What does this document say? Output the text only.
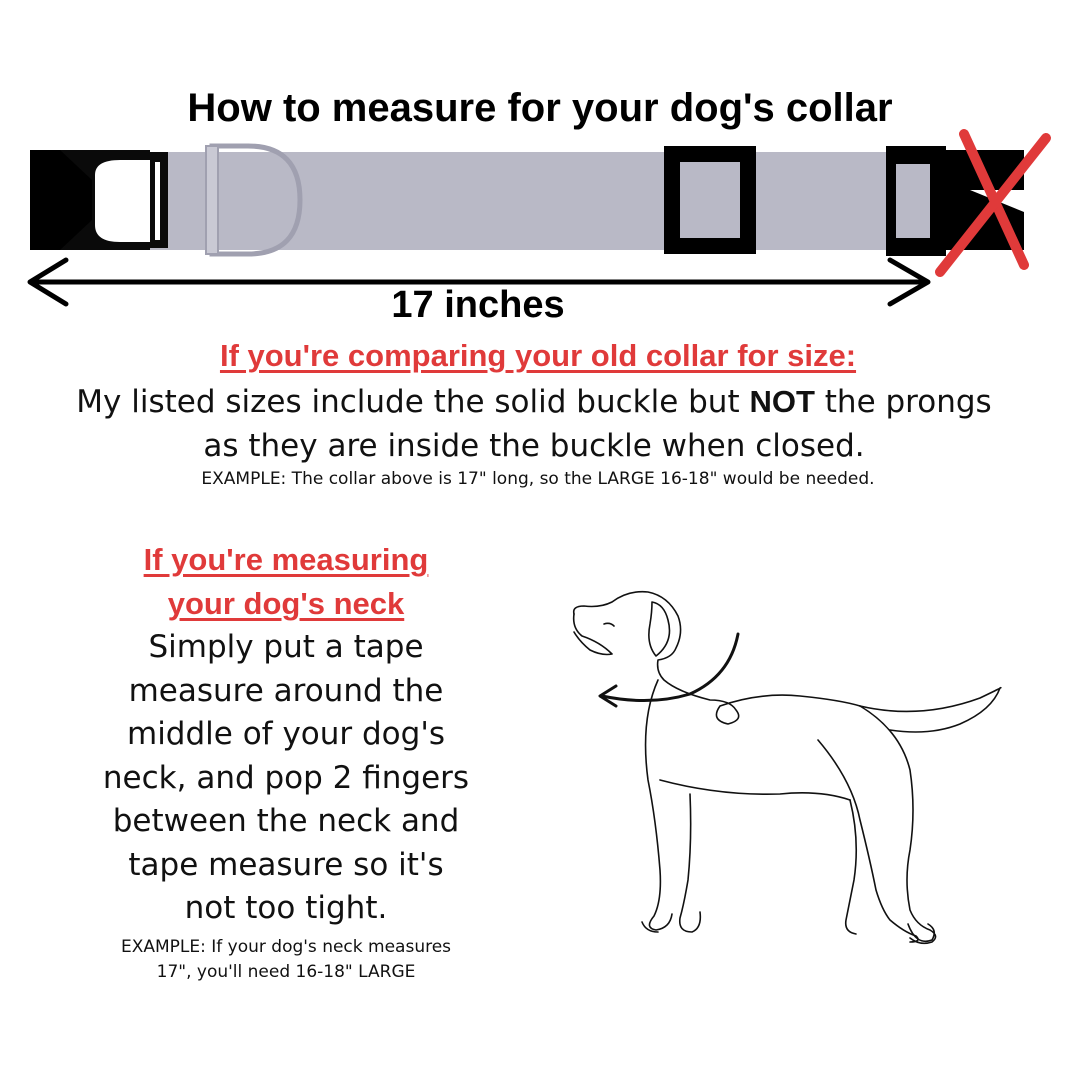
How to measure for your dog's collar
17 inches
If you're comparing your old collar for size:
My listed sizes include the solid buckle but NOT the prongs
as they are inside the buckle when closed.
EXAMPLE: The collar above is 17" long, so the LARGE 16-18" would be needed.
If you're measuring
your dog's neck
Simply put a tape
measure around the
middle of your dog's
neck, and pop 2 fingers
between the neck and
tape measure so it's
not too tight.
EXAMPLE: If your dog's neck measures
17", you'll need 16-18" LARGE
